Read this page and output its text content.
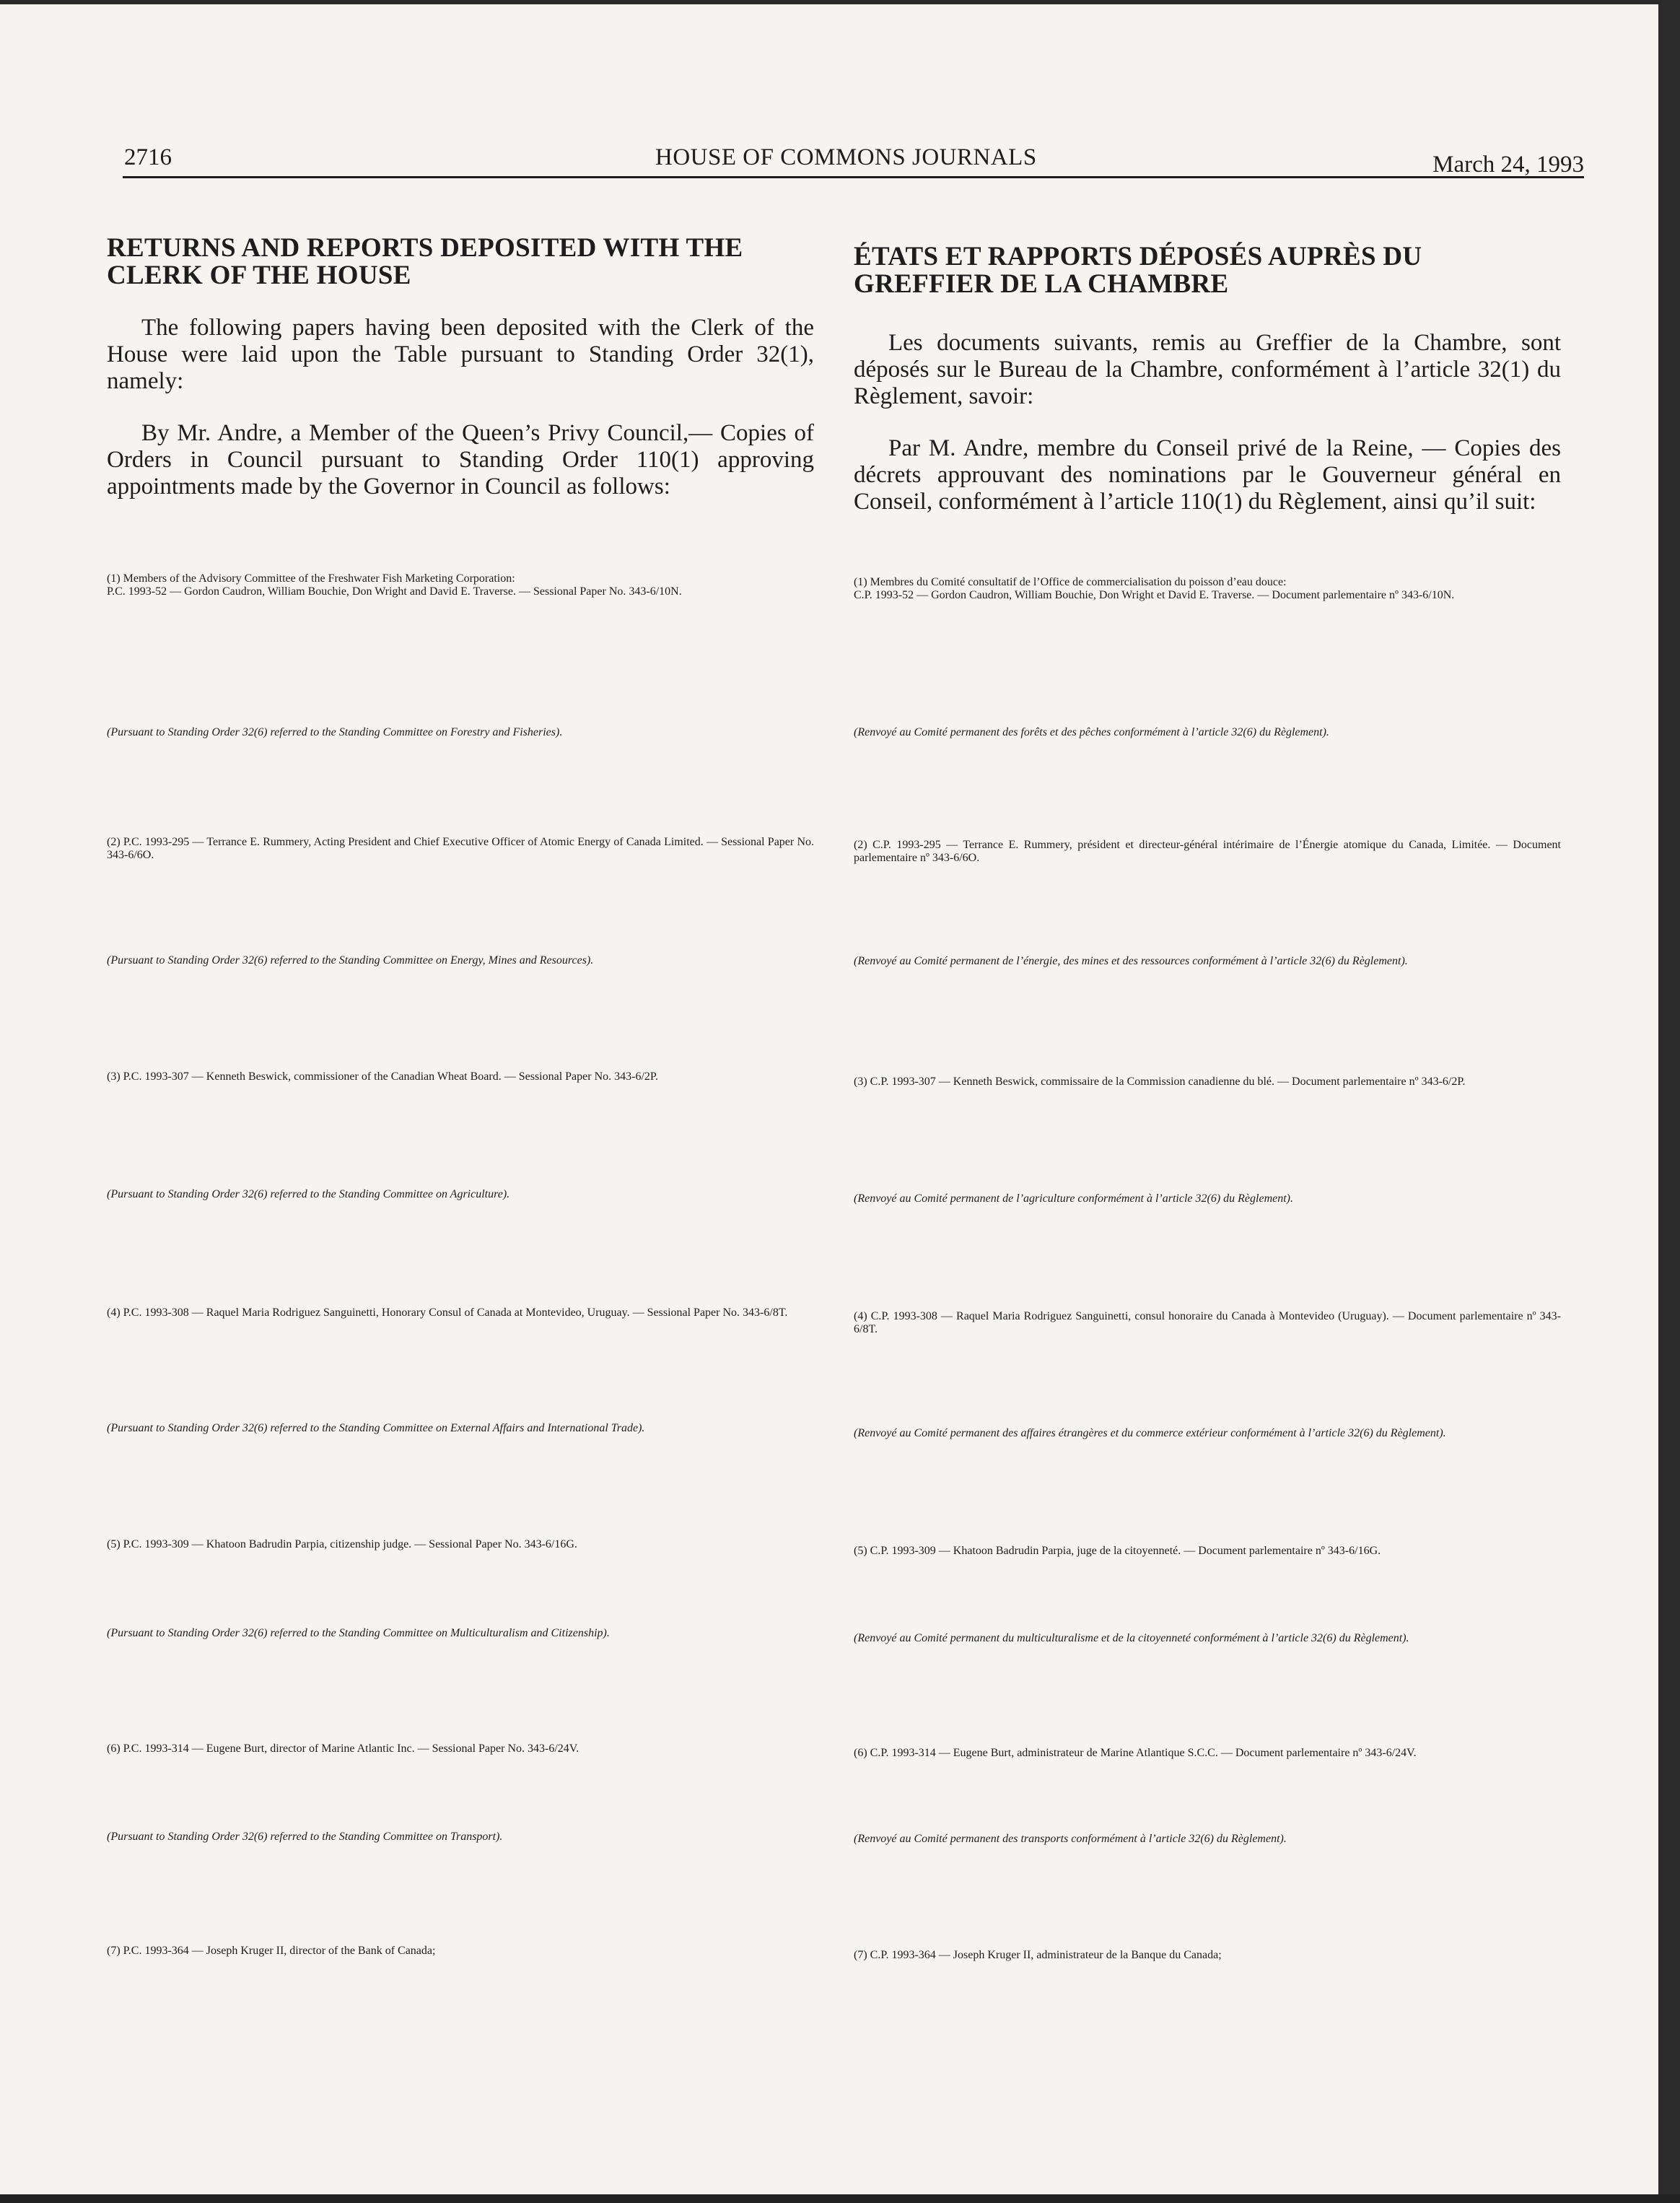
2716	HOUSE OF COMMONS JOURNALS	March 24, 1993
RETURNS AND REPORTS DEPOSITED WITH THE CLERK OF THE HOUSE

The following papers having been deposited with the Clerk of the House were laid upon the Table pursuant to Standing Order 32(1), namely:

By Mr. Andre, a Member of the Queen’s Privy Council,— Copies of Orders in Council pursuant to Standing Order 110(1) approving appointments made by the Governor in Council as follows:

(1) Members of the Advisory Committee of the Freshwater Fish Marketing Corporation:
P.C. 1993-52 — Gordon Caudron, William Bouchie, Don Wright and David E. Traverse. — Sessional Paper No. 343-6/10N.

(Pursuant to Standing Order 32(6) referred to the Standing Committee on Forestry and Fisheries).

(2) P.C. 1993-295 — Terrance E. Rummery, Acting President and Chief Executive Officer of Atomic Energy of Canada Limited. — Sessional Paper No. 343-6/6O.

(Pursuant to Standing Order 32(6) referred to the Standing Committee on Energy, Mines and Resources).

(3) P.C. 1993-307 — Kenneth Beswick, commissioner of the Canadian Wheat Board. — Sessional Paper No. 343-6/2P.

(Pursuant to Standing Order 32(6) referred to the Standing Committee on Agriculture).

(4) P.C. 1993-308 — Raquel Maria Rodriguez Sanguinetti, Honorary Consul of Canada at Montevideo, Uruguay. — Sessional Paper No. 343-6/8T.

(Pursuant to Standing Order 32(6) referred to the Standing Committee on External Affairs and International Trade).

(5) P.C. 1993-309 — Khatoon Badrudin Parpia, citizenship judge. — Sessional Paper No. 343-6/16G.

(Pursuant to Standing Order 32(6) referred to the Standing Committee on Multiculturalism and Citizenship).

(6) P.C. 1993-314 — Eugene Burt, director of Marine Atlantic Inc. — Sessional Paper No. 343-6/24V.

(Pursuant to Standing Order 32(6) referred to the Standing Committee on Transport).

(7) P.C. 1993-364 — Joseph Kruger II, director of the Bank of Canada;

ÉTATS ET RAPPORTS DÉPOSÉS AUPRÈS DU GREFFIER DE LA CHAMBRE

Les documents suivants, remis au Greffier de la Chambre, sont déposés sur le Bureau de la Chambre, conformément à l’article 32(1) du Règlement, savoir:

Par M. Andre, membre du Conseil privé de la Reine, — Copies des décrets approuvant des nominations par le Gouverneur général en Conseil, conformément à l’article 110(1) du Règlement, ainsi qu’il suit:

(1) Membres du Comité consultatif de l’Office de commercialisation du poisson d’eau douce:
C.P. 1993-52 — Gordon Caudron, William Bouchie, Don Wright et David E. Traverse. — Document parlementaire nº 343-6/10N.

(Renvoyé au Comité permanent des forêts et des pêches conformément à l’article 32(6) du Règlement).

(2) C.P. 1993-295 — Terrance E. Rummery, président et directeur-général intérimaire de l’Énergie atomique du Canada, Limitée. — Document parlementaire nº 343-6/6O.

(Renvoyé au Comité permanent de l’énergie, des mines et des ressources conformément à l’article 32(6) du Règlement).

(3) C.P. 1993-307 — Kenneth Beswick, commissaire de la Commission canadienne du blé. — Document parlementaire nº 343-6/2P.

(Renvoyé au Comité permanent de l’agriculture conformément à l’article 32(6) du Règlement).

(4) C.P. 1993-308 — Raquel Maria Rodriguez Sanguinetti, consul honoraire du Canada à Montevideo (Uruguay). — Document parlementaire nº 343-6/8T.

(Renvoyé au Comité permanent des affaires étrangères et du commerce extérieur conformément à l’article 32(6) du Règlement).

(5) C.P. 1993-309 — Khatoon Badrudin Parpia, juge de la citoyenneté. — Document parlementaire nº 343-6/16G.

(Renvoyé au Comité permanent du multiculturalisme et de la citoyenneté conformément à l’article 32(6) du Règlement).

(6) C.P. 1993-314 — Eugene Burt, administrateur de Marine Atlantique S.C.C. — Document parlementaire nº 343-6/24V.

(Renvoyé au Comité permanent des transports conformément à l’article 32(6) du Règlement).

(7) C.P. 1993-364 — Joseph Kruger II, administrateur de la Banque du Canada;
